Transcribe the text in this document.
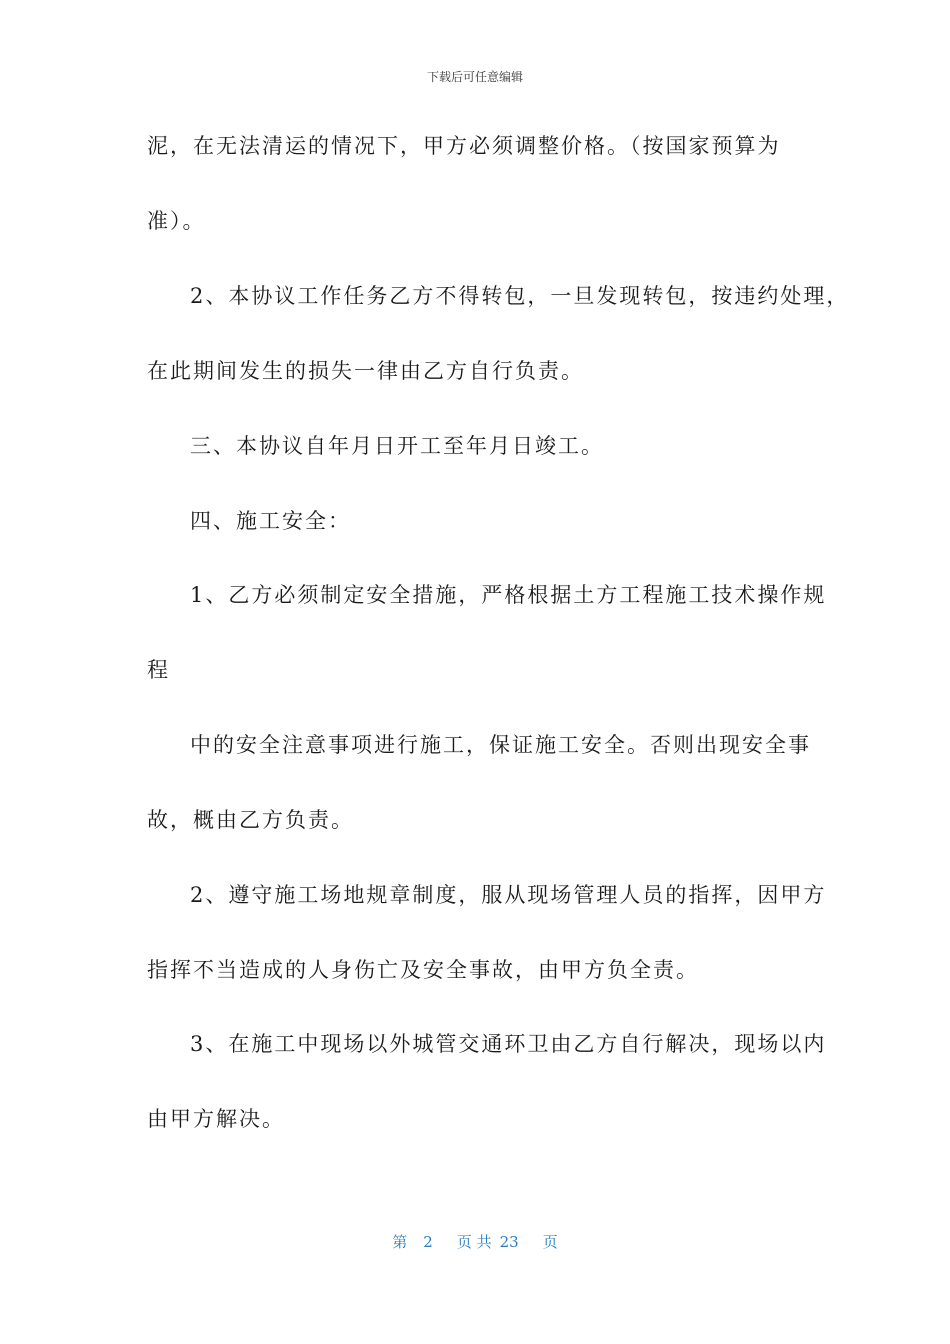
下载后可任意编辑
泥，在无法清运的情况下，甲方必须调整价格。（按国家预算为
准）。
2、本协议工作任务乙方不得转包，一旦发现转包，按违约处理，
在此期间发生的损失一律由乙方自行负责。
三、本协议自年月日开工至年月日竣工。
四、施工安全：
1、乙方必须制定安全措施，严格根据土方工程施工技术操作规
程
中的安全注意事项进行施工，保证施工安全。否则出现安全事
故，概由乙方负责。
2、遵守施工场地规章制度，服从现场管理人员的指挥，因甲方
指挥不当造成的人身伤亡及安全事故，由甲方负全责。
3、在施工中现场以外城管交通环卫由乙方自行解决，现场以内
由甲方解决。
第 2 页 共 23 页
